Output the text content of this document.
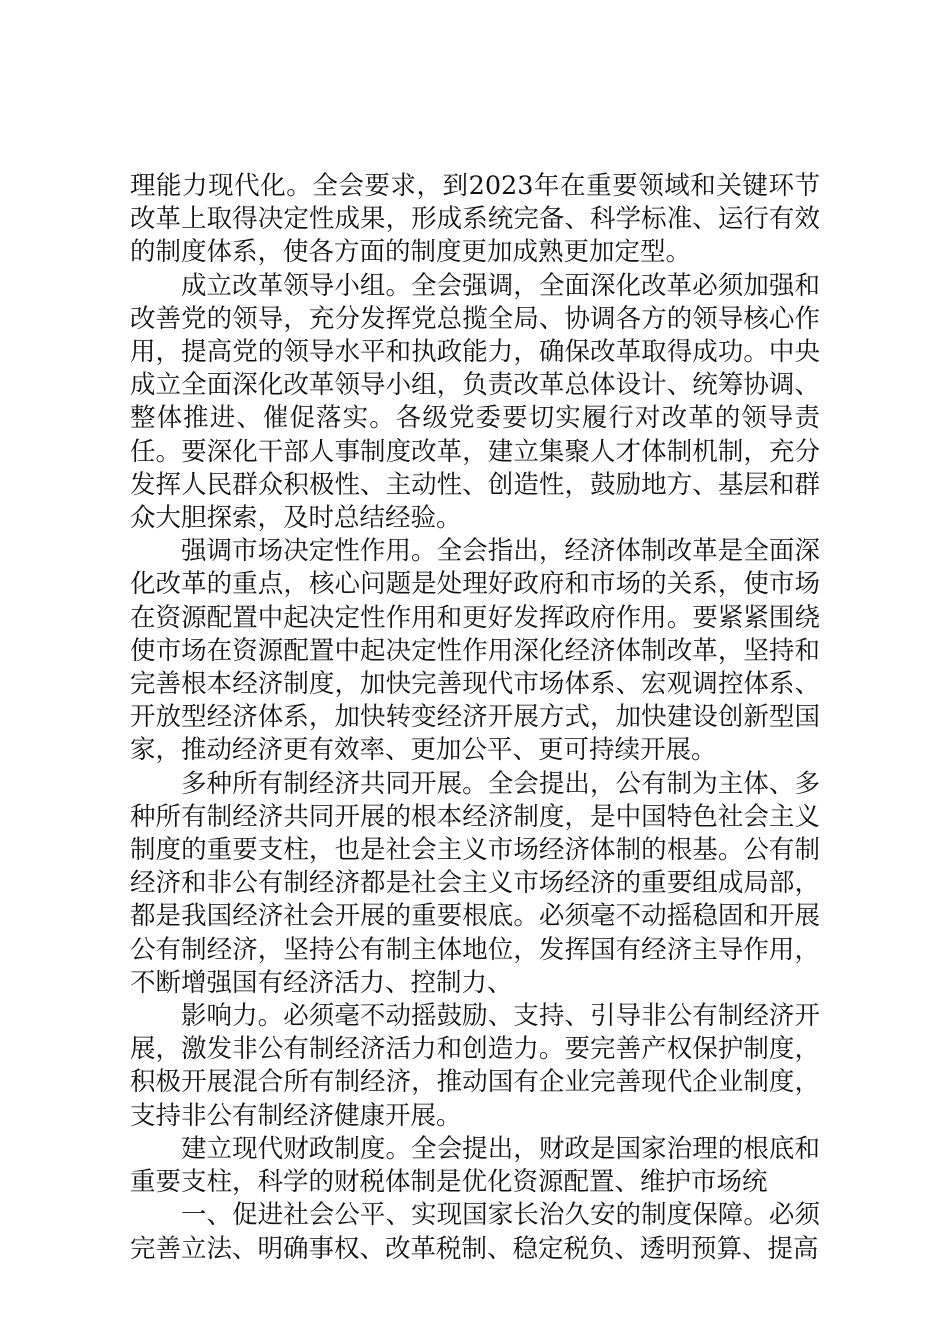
理能力现代化。全会要求，到2023年在重要领域和关键环节改革上取得决定性成果，形成系统完备、科学标准、运行有效的制度体系，使各方面的制度更加成熟更加定型。

成立改革领导小组。全会强调，全面深化改革必须加强和改善党的领导，充分发挥党总揽全局、协调各方的领导核心作用，提高党的领导水平和执政能力，确保改革取得成功。中央成立全面深化改革领导小组，负责改革总体设计、统筹协调、整体推进、催促落实。各级党委要切实履行对改革的领导责任。要深化干部人事制度改革，建立集聚人才体制机制，充分发挥人民群众积极性、主动性、创造性，鼓励地方、基层和群众大胆探索，及时总结经验。

强调市场决定性作用。全会指出，经济体制改革是全面深化改革的重点，核心问题是处理好政府和市场的关系，使市场在资源配置中起决定性作用和更好发挥政府作用。要紧紧围绕使市场在资源配置中起决定性作用深化经济体制改革，坚持和完善根本经济制度，加快完善现代市场体系、宏观调控体系、开放型经济体系，加快转变经济开展方式，加快建设创新型国家，推动经济更有效率、更加公平、更可持续开展。

多种所有制经济共同开展。全会提出，公有制为主体、多种所有制经济共同开展的根本经济制度，是中国特色社会主义制度的重要支柱，也是社会主义市场经济体制的根基。公有制经济和非公有制经济都是社会主义市场经济的重要组成局部，都是我国经济社会开展的重要根底。必须毫不动摇稳固和开展公有制经济，坚持公有制主体地位，发挥国有经济主导作用，不断增强国有经济活力、控制力、

影响力。必须毫不动摇鼓励、支持、引导非公有制经济开展，激发非公有制经济活力和创造力。要完善产权保护制度，积极开展混合所有制经济，推动国有企业完善现代企业制度，支持非公有制经济健康开展。

建立现代财政制度。全会提出，财政是国家治理的根底和重要支柱，科学的财税体制是优化资源配置、维护市场统

一、促进社会公平、实现国家长治久安的制度保障。必须完善立法、明确事权、改革税制、稳定税负、透明预算、提高
